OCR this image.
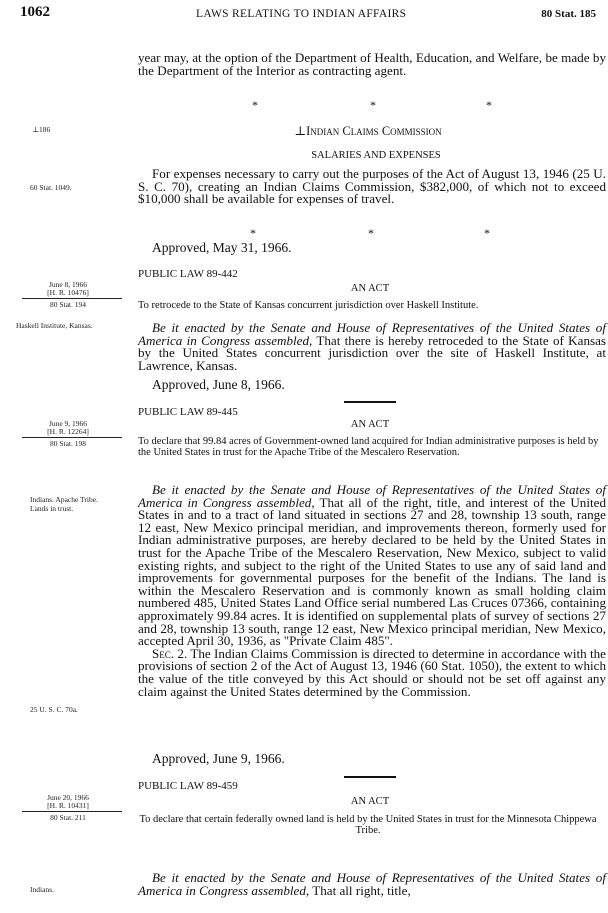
1062	LAWS RELATING TO INDIAN AFFAIRS	80 Stat. 185

year may, at the option of the Department of Health, Education, and Welfare, be made by the Department of the Interior as contracting agent.

*	*	*
⊥186
60 Stat. 1049.
⊥Indian Claims Commission
SALARIES AND EXPENSES

For expenses necessary to carry out the purposes of the Act of August 13, 1946 (25 U. S. C. 70), creating an Indian Claims Commission, $382,000, of which not to exceed $10,000 shall be available for expenses of travel.

*	*	*

Approved, May 31, 1966.

PUBLIC LAW 89-442
AN ACT
June 8, 1966
[H. R. 10476]
80 Stat. 194	To retrocede to the State of Kansas concurrent jurisdiction over Haskell Institute.
Haskell Institute, Kansas.	Be it enacted by the Senate and House of Representatives of the United States of America in Congress assembled, That there is hereby retroceded to the State of Kansas by the United States concurrent jurisdiction over the site of Haskell Institute, at Lawrence, Kansas.

Approved, June 8, 1966.

PUBLIC LAW 89-445
AN ACT
June 9, 1966
[H. R. 12264]
80 Stat. 198	To declare that 99.84 acres of Government-owned land acquired for Indian administrative purposes is held by the United States in trust for the Apache Tribe of the Mescalero Reservation.
Indians. Apache Tribe. Lands in trust.

Be it enacted by the Senate and House of Representatives of the United States of America in Congress assembled, That all of the right, title, and interest of the United States in and to a tract of land situated in sections 27 and 28, township 13 south, range 12 east, New Mexico principal meridian, and improvements thereon, formerly used for Indian administrative purposes, are hereby declared to be held by the United States in trust for the Apache Tribe of the Mescalero Reservation, New Mexico, subject to valid existing rights, and subject to the right of the United States to use any of said land and improvements for governmental purposes for the benefit of the Indians. The land is within the Mescalero Reservation and is commonly known as small holding claim numbered 485, United States Land Office serial numbered Las Cruces 07366, containing approximately 99.84 acres. It is identified on supplemental plats of survey of sections 27 and 28, township 13 south, range 12 east, New Mexico principal meridian, New Mexico, accepted April 30, 1936, as "Private Claim 485".

Sec. 2. The Indian Claims Commission is directed to determine in accordance with the provisions of section 2 of the Act of August 13, 1946 (60 Stat. 1050), the extent to which the value of the title conveyed by this Act should or should not be set off against any claim against the United States determined by the Commission.

25 U. S. C. 70a.

Approved, June 9, 1966.

PUBLIC LAW 89-459
AN ACT
June 20, 1966
[H. R. 10431]
80 Stat. 211	To declare that certain federally owned land is held by the United States in trust for the Minnesota Chippewa Tribe.
Indians.

Be it enacted by the Senate and House of Representatives of the United States of America in Congress assembled, That all right, title,
